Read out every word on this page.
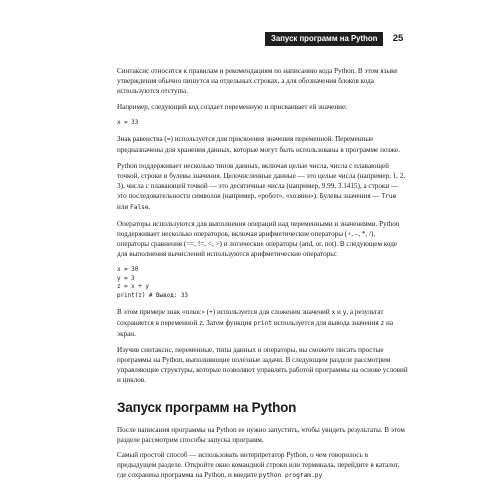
Запуск программ на Python	25

Синтаксис относится к правилам и рекомендациям по написанию кода Python. В этом языке утверждения обычно пишутся на отдельных строках, а для обозначения блоков кода используются отступы.

Например, следующий код создает переменную и присваивает ей значение:

x = 33

Знак равенства (=) используется для присвоения значения переменной. Переменные предназначены для хранения данных, которые могут быть использованы в программе позже.

Python поддерживает несколько типов данных, включая целые числа, числа с плавающей точкой, строки и булевы значения. Целочисленные данные — это целые числа (например, 1, 2, 3), числа с плавающей точкой — это десятичные числа (например, 9.99, 3.1415), а строки — это последовательности символов (например, «робот», «хозяин»). Булевы значения — True или False.

Операторы используются для выполнения операций над переменными и значениями. Python поддерживает несколько операторов, включая арифметические операторы (+, –, *, /), операторы сравнения (==, !=, <, >) и логические операторы (and, or, not). В следующем коде для выполнения вычислений используются арифметические операторы:

x = 30
y = 3
z = x + y
print(z) # Вывод: 33

В этом примере знак «плюс» (+) используется для сложения значений x и y, а результат сохраняется в переменной z. Затем функция print используется для вывода значения z на экран.

Изучив синтаксис, переменные, типы данных и операторы, вы сможете писать простые программы на Python, выполняющие полезные задачи. В следующем разделе рассмотрим управляющие структуры, которые позволяют управлять работой программы на основе условий и циклов.

Запуск программ на Python

После написания программы на Python ее нужно запустить, чтобы увидеть результаты. В этом разделе рассмотрим способы запуска программ.

Самый простой способ — использовать интерпретатор Python, о чем говорилось в предыдущем разделе. Откройте окно командной строки или терминала, перейдите в каталог, где сохранена программа на Python, и введите python program.py
